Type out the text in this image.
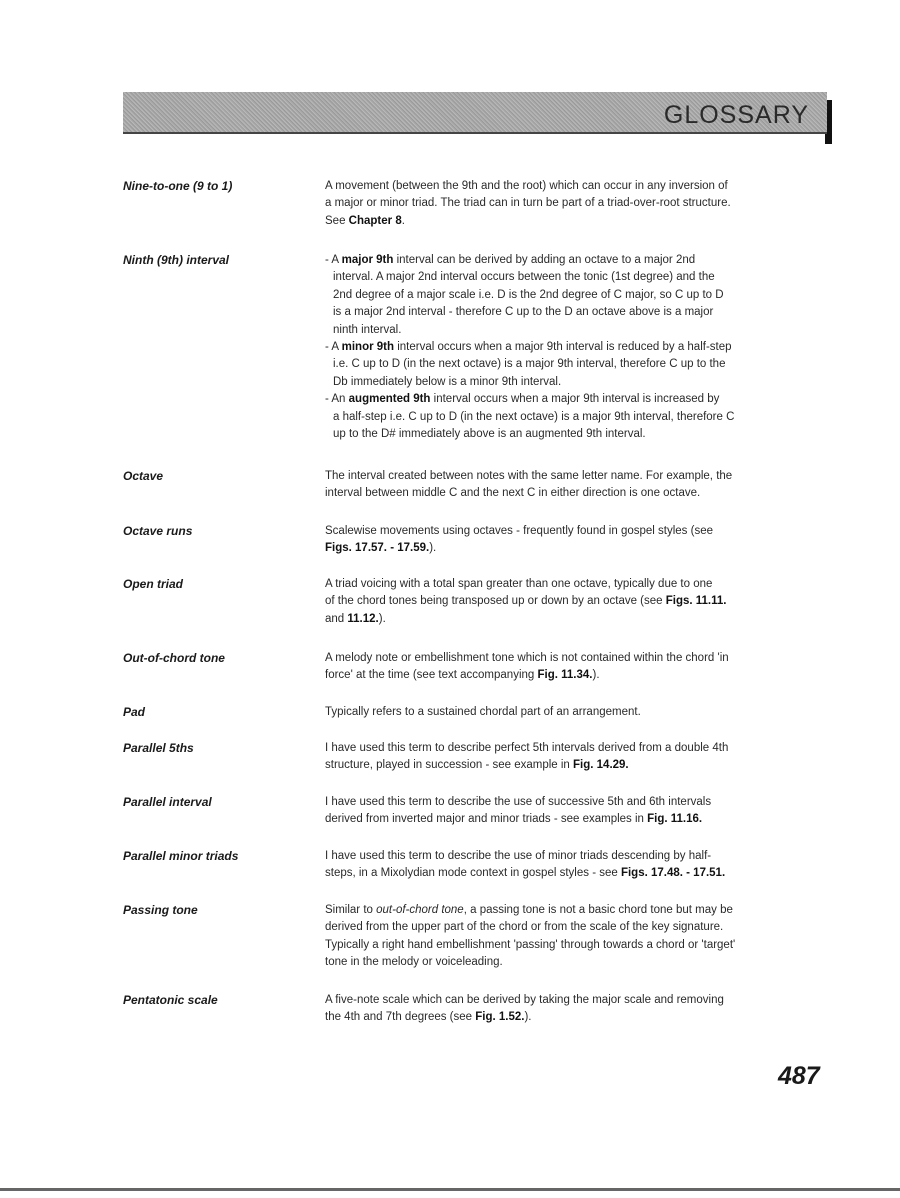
GLOSSARY
Nine-to-one (9 to 1)	A movement (between the 9th and the root) which can occur in any inversion of
a major or minor triad. The triad can in turn be part of a triad-over-root structure.
See Chapter 8.
Ninth (9th) interval	- A major 9th interval can be derived by adding an octave to a major 2nd
interval. A major 2nd interval occurs between the tonic (1st degree) and the
2nd degree of a major scale i.e. D is the 2nd degree of C major, so C up to D
is a major 2nd interval - therefore C up to the D an octave above is a major
ninth interval.
- A minor 9th interval occurs when a major 9th interval is reduced by a half-step
i.e. C up to D (in the next octave) is a major 9th interval, therefore C up to the
Db immediately below is a minor 9th interval.
- An augmented 9th interval occurs when a major 9th interval is increased by
a half-step i.e. C up to D (in the next octave) is a major 9th interval, therefore C
up to the D# immediately above is an augmented 9th interval.
Octave	The interval created between notes with the same letter name. For example, the
interval between middle C and the next C in either direction is one octave.
Octave runs	Scalewise movements using octaves - frequently found in gospel styles (see
Figs. 17.57. - 17.59.).
Open triad	A triad voicing with a total span greater than one octave, typically due to one
of the chord tones being transposed up or down by an octave (see Figs. 11.11.
and 11.12.).
Out-of-chord tone	A melody note or embellishment tone which is not contained within the chord 'in
force' at the time (see text accompanying Fig. 11.34.).
Pad	Typically refers to a sustained chordal part of an arrangement.
Parallel 5ths	I have used this term to describe perfect 5th intervals derived from a double 4th
structure, played in succession - see example in Fig. 14.29.
Parallel interval	I have used this term to describe the use of successive 5th and 6th intervals
derived from inverted major and minor triads - see examples in Fig. 11.16.
Parallel minor triads	I have used this term to describe the use of minor triads descending by half-
steps, in a Mixolydian mode context in gospel styles - see Figs. 17.48. - 17.51.
Passing tone	Similar to out-of-chord tone, a passing tone is not a basic chord tone but may be
derived from the upper part of the chord or from the scale of the key signature.
Typically a right hand embellishment 'passing' through towards a chord or 'target'
tone in the melody or voiceleading.
Pentatonic scale	A five-note scale which can be derived by taking the major scale and removing
the 4th and 7th degrees (see Fig. 1.52.).
487
